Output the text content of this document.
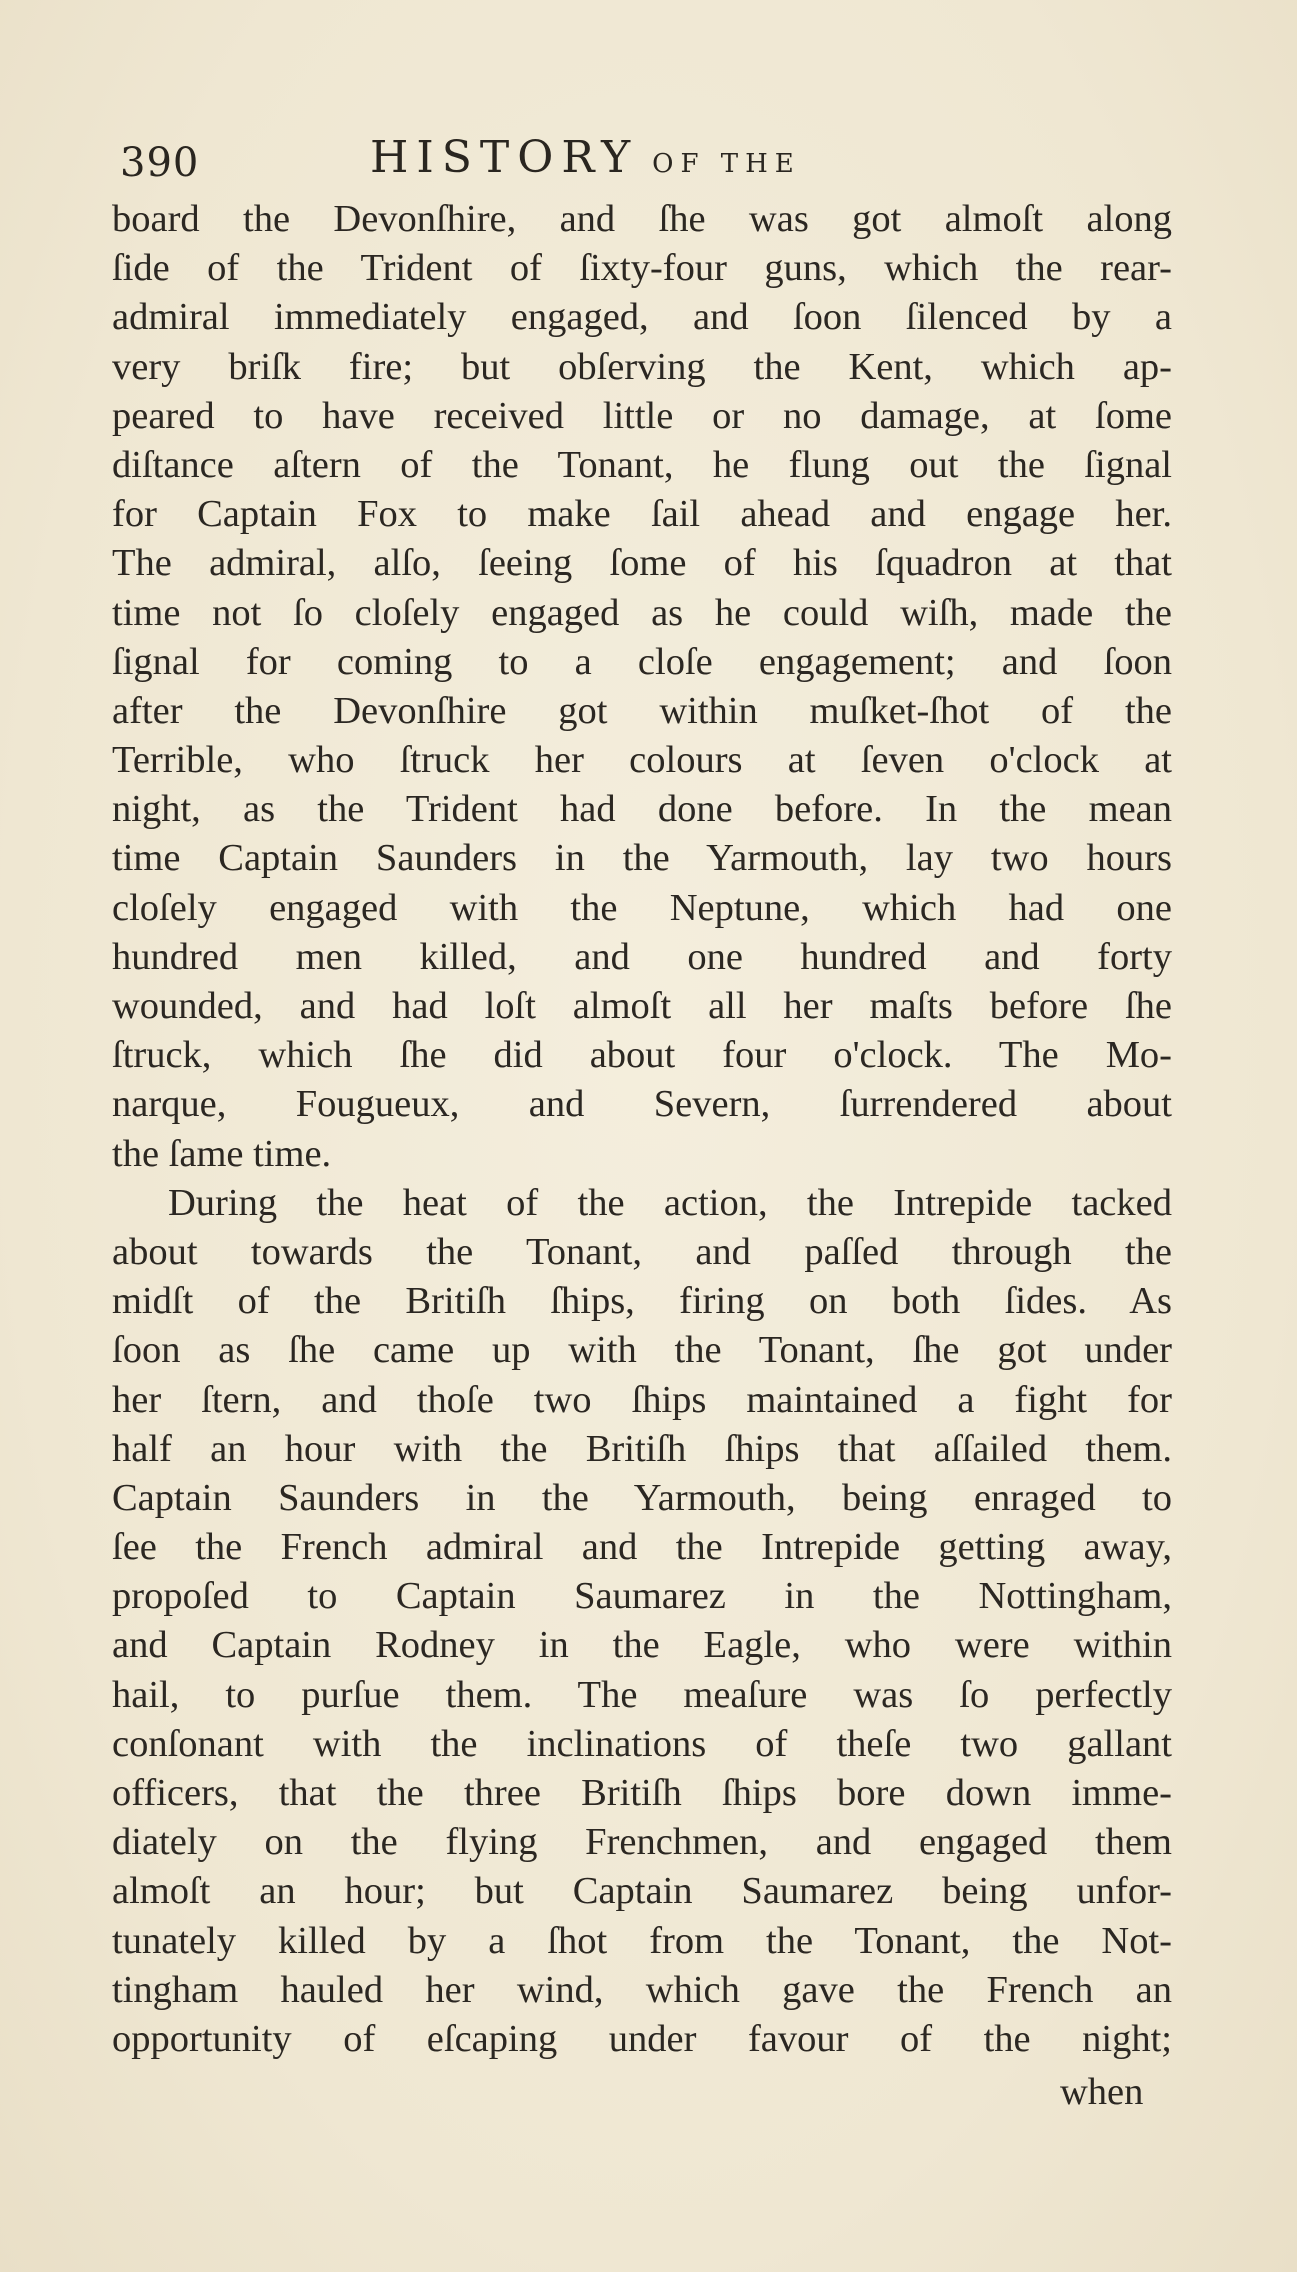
390	HISTORY OF THE
board the Devonſhire, and ſhe was got almoſt along
ſide of the Trident of ſixty-four guns, which the rear-
admiral immediately engaged, and ſoon ſilenced by a
very briſk fire; but obſerving the Kent, which ap-
peared to have received little or no damage, at ſome
diſtance aſtern of the Tonant, he flung out the ſignal
for Captain Fox to make ſail ahead and engage her.
The admiral, alſo, ſeeing ſome of his ſquadron at that
time not ſo cloſely engaged as he could wiſh, made the
ſignal for coming to a cloſe engagement; and ſoon
after the Devonſhire got within muſket-ſhot of the
Terrible, who ſtruck her colours at ſeven o'clock at
night, as the Trident had done before. In the mean
time Captain Saunders in the Yarmouth, lay two hours
cloſely engaged with the Neptune, which had one
hundred men killed, and one hundred and forty
wounded, and had loſt almoſt all her maſts before ſhe
ſtruck, which ſhe did about four o'clock. The Mo-
narque, Fougueux, and Severn, ſurrendered about
the ſame time.
During the heat of the action, the Intrepide tacked
about towards the Tonant, and paſſed through the
midſt of the Britiſh ſhips, firing on both ſides. As
ſoon as ſhe came up with the Tonant, ſhe got under
her ſtern, and thoſe two ſhips maintained a fight for
half an hour with the Britiſh ſhips that aſſailed them.
Captain Saunders in the Yarmouth, being enraged to
ſee the French admiral and the Intrepide getting away,
propoſed to Captain Saumarez in the Nottingham,
and Captain Rodney in the Eagle, who were within
hail, to purſue them. The meaſure was ſo perfectly
conſonant with the inclinations of theſe two gallant
officers, that the three Britiſh ſhips bore down imme-
diately on the flying Frenchmen, and engaged them
almoſt an hour; but Captain Saumarez being unfor-
tunately killed by a ſhot from the Tonant, the Not-
tingham hauled her wind, which gave the French an
opportunity of eſcaping under favour of the night;
when
